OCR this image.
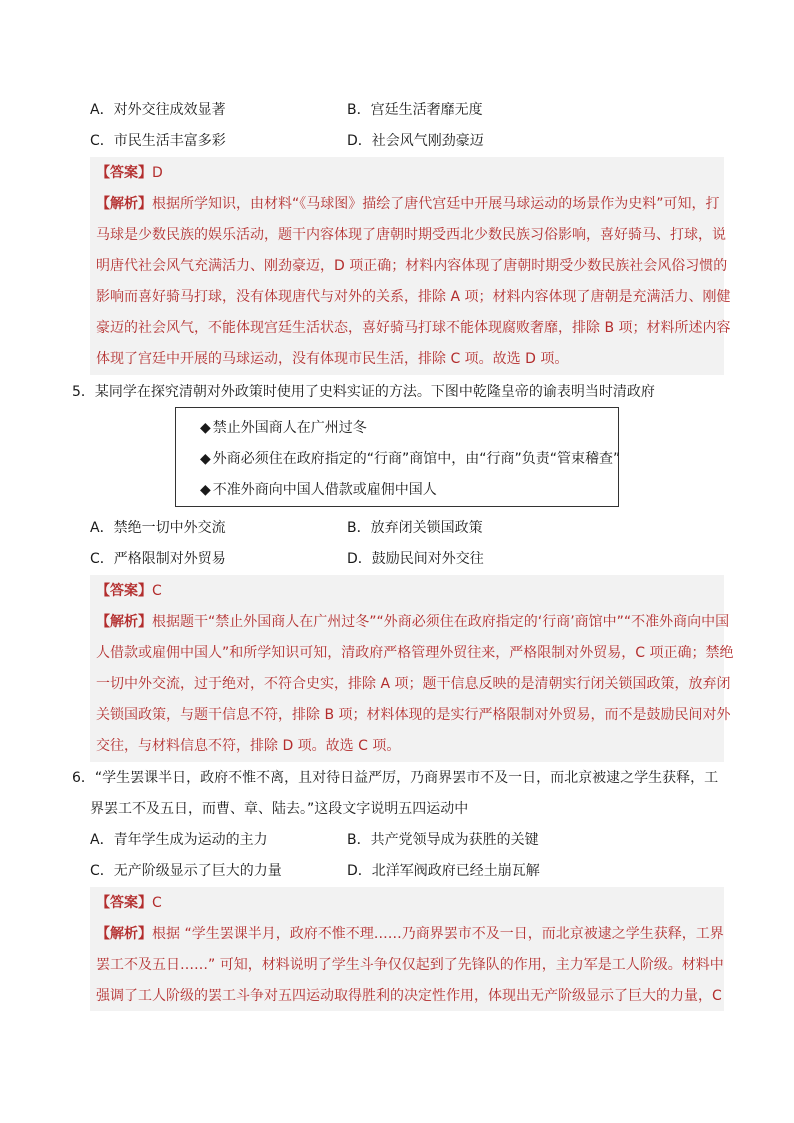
A．对外交往成效显著	B．宫廷生活奢靡无度
C．市民生活丰富多彩	D．社会风气刚劲豪迈
【答案】D
【解析】根据所学知识，由材料“《马球图》描绘了唐代宫廷中开展马球运动的场景作为史料”可知，打
马球是少数民族的娱乐活动，题干内容体现了唐朝时期受西北少数民族习俗影响，喜好骑马、打球，说
明唐代社会风气充满活力、刚劲豪迈，D 项正确；材料内容体现了唐朝时期受少数民族社会风俗习惯的
影响而喜好骑马打球，没有体现唐代与对外的关系，排除 A 项；材料内容体现了唐朝是充满活力、刚健
豪迈的社会风气，不能体现宫廷生活状态，喜好骑马打球不能体现腐败奢靡，排除 B 项；材料所述内容
体现了宫廷中开展的马球运动，没有体现市民生活，排除 C 项。故选 D 项。
5．某同学在探究清朝对外政策时使用了史料实证的方法。下图中乾隆皇帝的谕表明当时清政府
◆ 禁止外国商人在广州过冬
◆ 外商必须住在政府指定的“行商”商馆中，由“行商”负责“管束稽查”
◆ 不准外商向中国人借款或雇佣中国人
A．禁绝一切中外交流	B．放弃闭关锁国政策
C．严格限制对外贸易	D．鼓励民间对外交往
【答案】C
【解析】根据题干“禁止外国商人在广州过冬”“外商必须住在政府指定的‘行商’商馆中”“不准外商向中国
人借款或雇佣中国人”和所学知识可知，清政府严格管理外贸往来，严格限制对外贸易，C 项正确；禁绝
一切中外交流，过于绝对，不符合史实，排除 A 项；题干信息反映的是清朝实行闭关锁国政策，放弃闭
关锁国政策，与题干信息不符，排除 B 项；材料体现的是实行严格限制对外贸易，而不是鼓励民间对外
交往，与材料信息不符，排除 D 项。故选 C 项。
6．“学生罢课半日，政府不惟不离，且对待日益严厉，乃商界罢市不及一日，而北京被逮之学生获释，工
界罢工不及五日，而曹、章、陆去。”这段文字说明五四运动中
A．青年学生成为运动的主力	B．共产党领导成为获胜的关键
C．无产阶级显示了巨大的力量	D．北洋军阀政府已经土崩瓦解
【答案】C
【解析】根据 “学生罢课半月，政府不惟不理……乃商界罢市不及一日，而北京被逮之学生获释，工界
罢工不及五日……” 可知，材料说明了学生斗争仅仅起到了先锋队的作用，主力军是工人阶级。材料中
强调了工人阶级的罢工斗争对五四运动取得胜利的决定性作用，体现出无产阶级显示了巨大的力量，C
